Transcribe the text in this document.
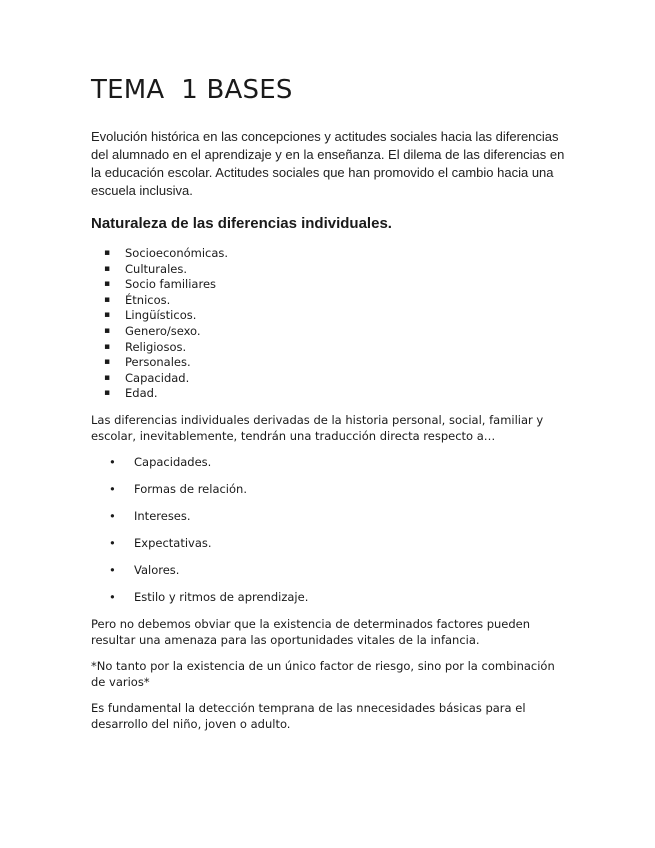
TEMA  1 BASES

Evolución histórica en las concepciones y actitudes sociales hacia las diferencias del alumnado en el aprendizaje y en la enseñanza. El dilema de las diferencias en la educación escolar. Actitudes sociales que han promovido el cambio hacia una escuela inclusiva.

Naturaleza de las diferencias individuales.
▪ Socioeconómicas.
▪ Culturales.
▪ Socio familiares
▪ Étnicos.
▪ Lingüísticos.
▪ Genero/sexo.
▪ Religiosos.
▪ Personales.
▪ Capacidad.
▪ Edad.

Las diferencias individuales derivadas de la historia personal, social, familiar y escolar, inevitablemente, tendrán una traducción directa respecto a…

• Capacidades.
• Formas de relación.
• Intereses.
• Expectativas.
• Valores.
• Estilo y ritmos de aprendizaje.

Pero no debemos obviar que la existencia de determinados factores pueden resultar una amenaza para las oportunidades vitales de la infancia.

*No tanto por la existencia de un único factor de riesgo, sino por la combinación de varios*

Es fundamental la detección temprana de las nnecesidades básicas para el desarrollo del niño, joven o adulto.
